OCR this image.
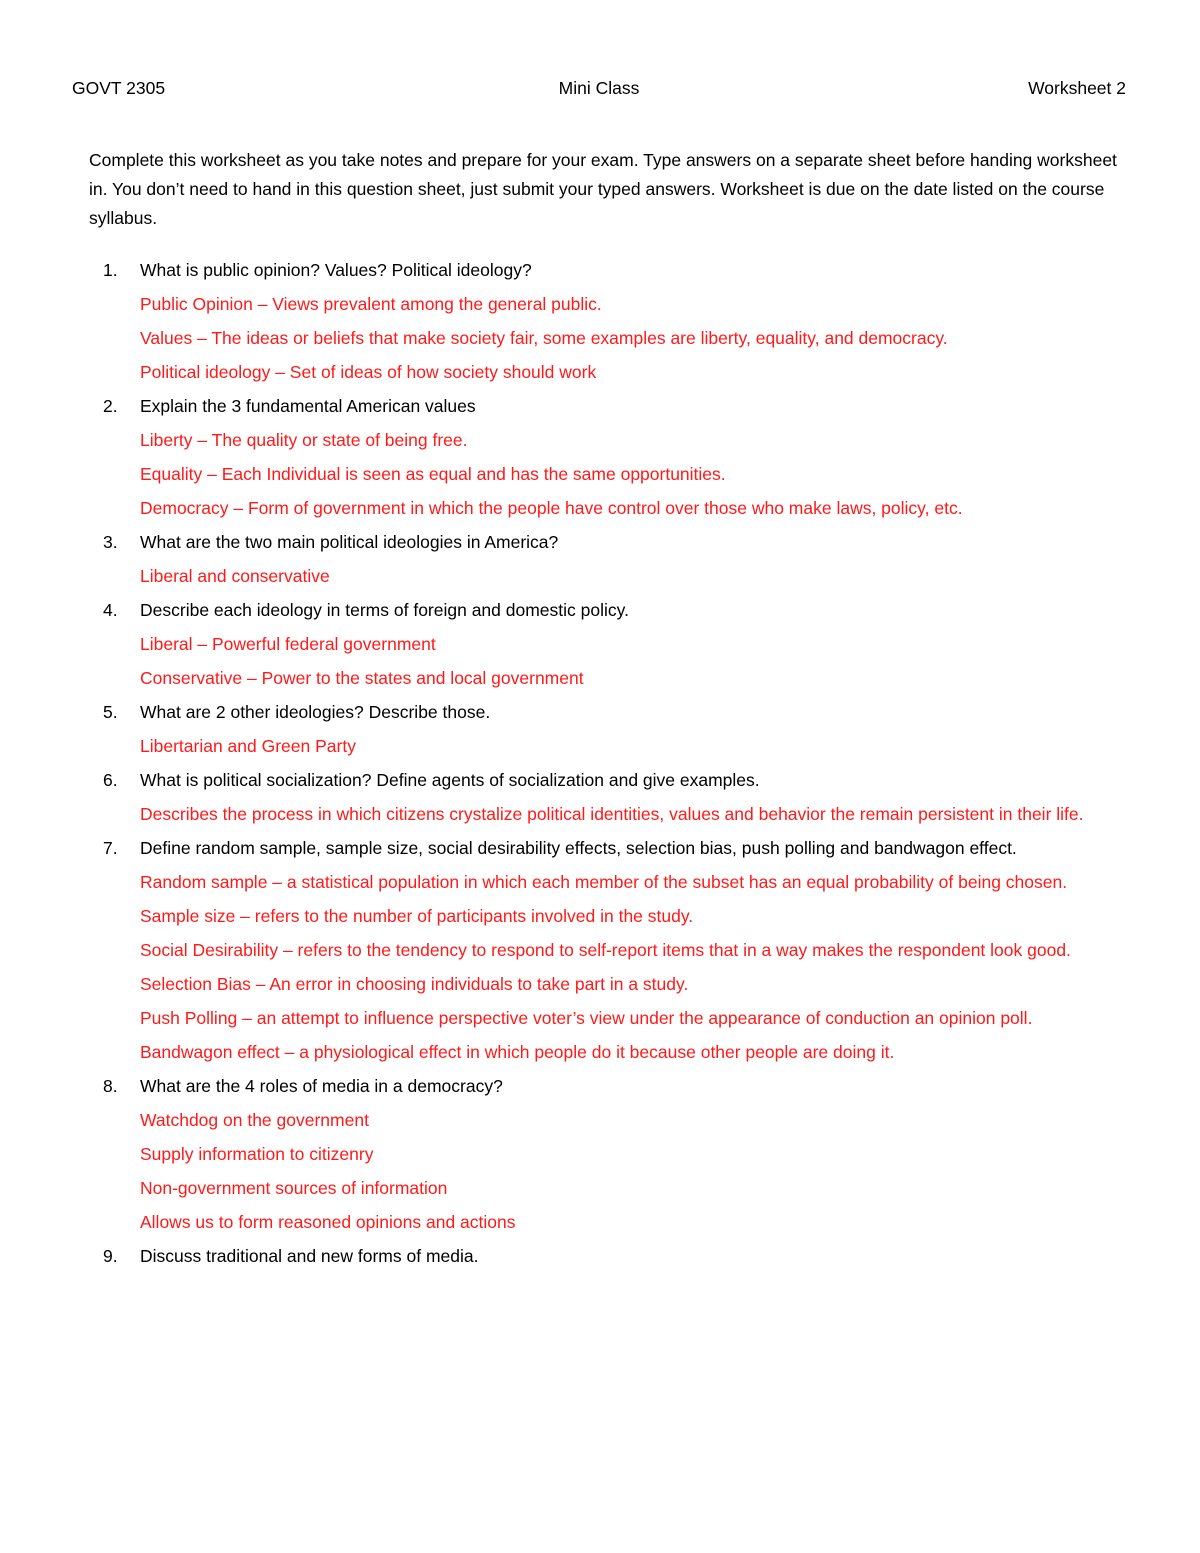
GOVT 2305	Mini Class	Worksheet 2
Complete this worksheet as you take notes and prepare for your exam. Type answers on a separate sheet before handing worksheet in. You don’t need to hand in this question sheet, just submit your typed answers. Worksheet is due on the date listed on the course syllabus.
1. What is public opinion? Values? Political ideology?
Public Opinion – Views prevalent among the general public.
Values – The ideas or beliefs that make society fair, some examples are liberty, equality, and democracy.
Political ideology – Set of ideas of how society should work
2. Explain the 3 fundamental American values
Liberty – The quality or state of being free.
Equality – Each Individual is seen as equal and has the same opportunities.
Democracy – Form of government in which the people have control over those who make laws, policy, etc.
3. What are the two main political ideologies in America?
Liberal and conservative
4. Describe each ideology in terms of foreign and domestic policy.
Liberal – Powerful federal government
Conservative – Power to the states and local government
5. What are 2 other ideologies? Describe those.
Libertarian and Green Party
6. What is political socialization? Define agents of socialization and give examples.
Describes the process in which citizens crystalize political identities, values and behavior the remain persistent in their life.
7. Define random sample, sample size, social desirability effects, selection bias, push polling and bandwagon effect.
Random sample – a statistical population in which each member of the subset has an equal probability of being chosen.
Sample size – refers to the number of participants involved in the study.
Social Desirability – refers to the tendency to respond to self-report items that in a way makes the respondent look good.
Selection Bias – An error in choosing individuals to take part in a study.
Push Polling – an attempt to influence perspective voter’s view under the appearance of conduction an opinion poll.
Bandwagon effect – a physiological effect in which people do it because other people are doing it.
8. What are the 4 roles of media in a democracy?
Watchdog on the government
Supply information to citizenry
Non-government sources of information
Allows us to form reasoned opinions and actions
9. Discuss traditional and new forms of media.
